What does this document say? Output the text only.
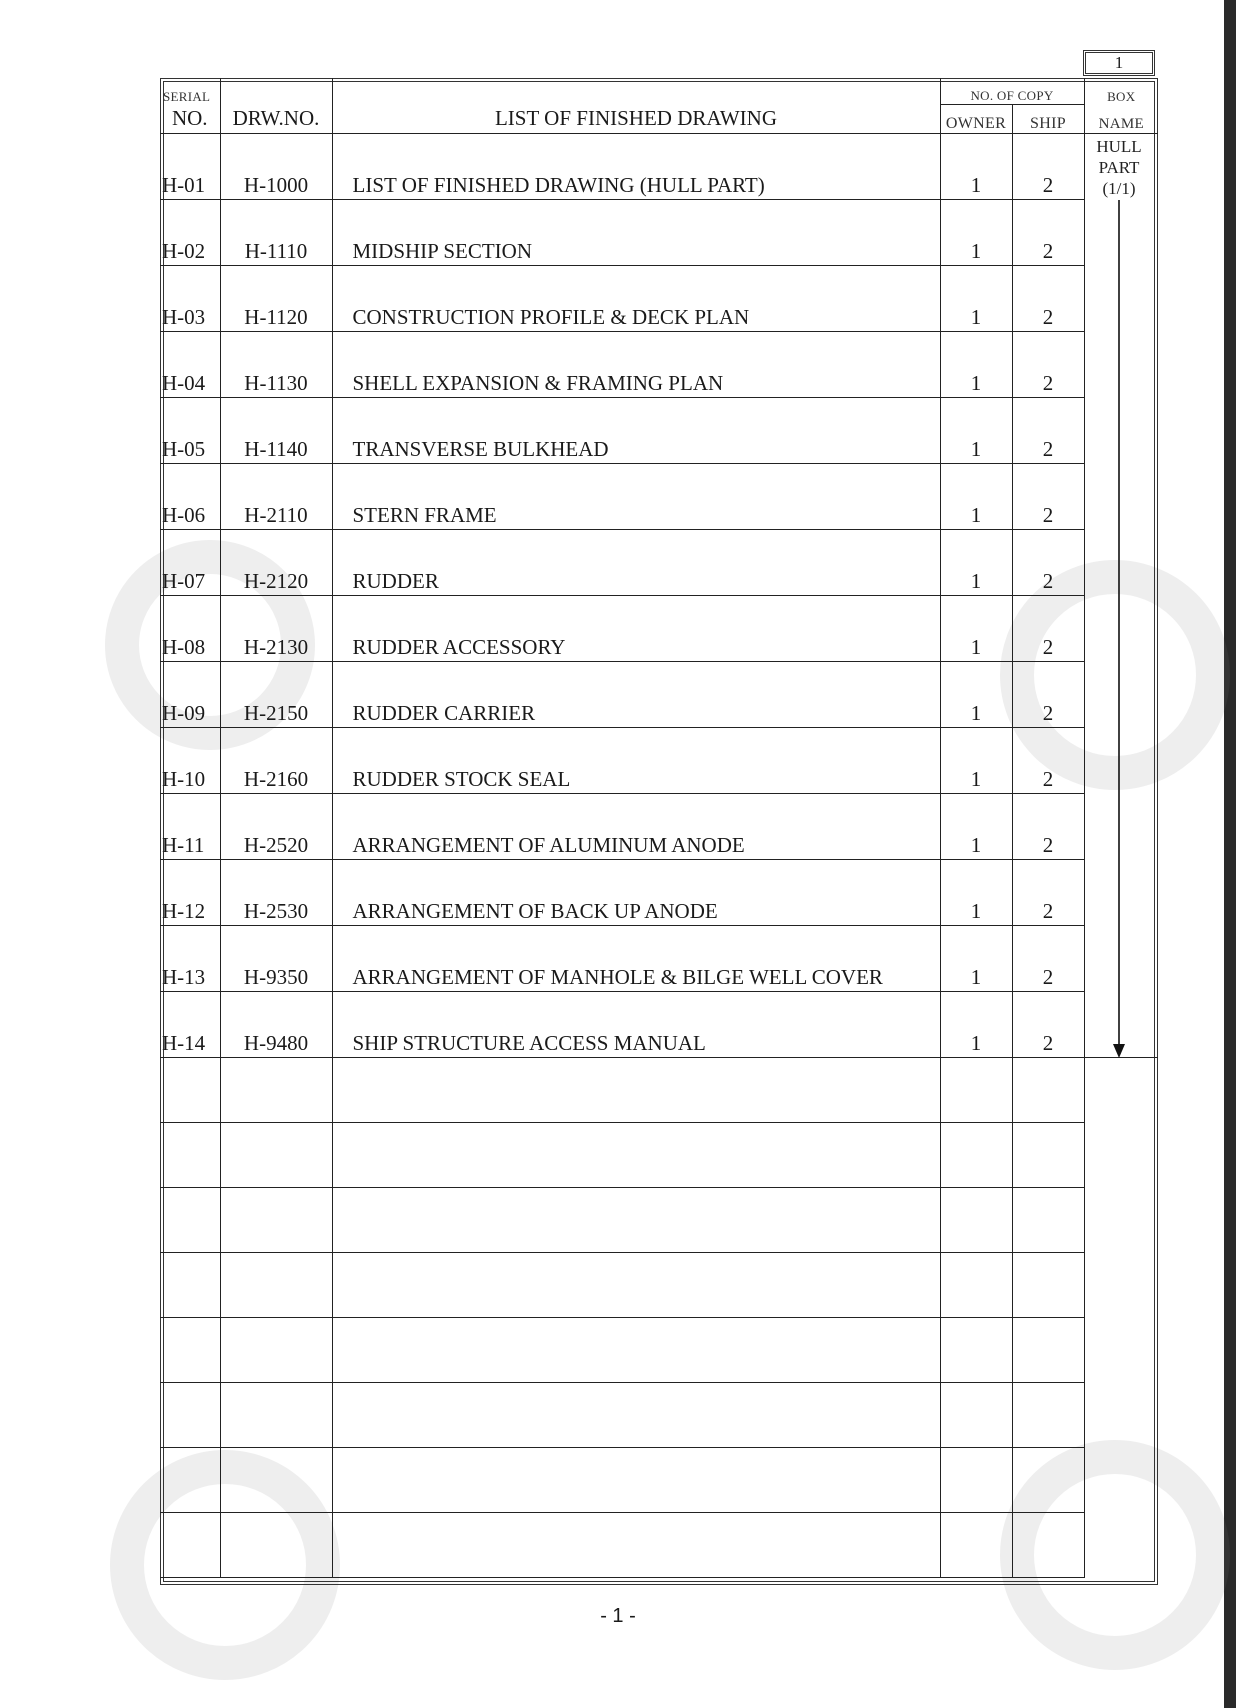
1
SERIAL			NO. OF COPY		BOX
NO.	DRW.NO.	LIST OF FINISHED DRAWING	OWNER	SHIP	NAME
H-01	H-1000	LIST OF FINISHED DRAWING (HULL PART)	1	2	
H-02	H-1110	MIDSHIP SECTION	1	2	
H-03	H-1120	CONSTRUCTION PROFILE & DECK PLAN	1	2	
H-04	H-1130	SHELL EXPANSION & FRAMING PLAN	1	2	
H-05	H-1140	TRANSVERSE BULKHEAD	1	2	
H-06	H-2110	STERN FRAME	1	2	
H-07	H-2120	RUDDER	1	2	
H-08	H-2130	RUDDER ACCESSORY	1	2	
H-09	H-2150	RUDDER CARRIER	1	2	
H-10	H-2160	RUDDER STOCK SEAL	1	2	
H-11	H-2520	ARRANGEMENT OF ALUMINUM ANODE	1	2	
H-12	H-2530	ARRANGEMENT OF BACK UP ANODE	1	2	
H-13	H-9350	ARRANGEMENT OF MANHOLE & BILGE WELL COVER	1	2	
H-14	H-9480	SHIP STRUCTURE ACCESS MANUAL	1	2	

HULL
PART
(1/1)
- 1 -
